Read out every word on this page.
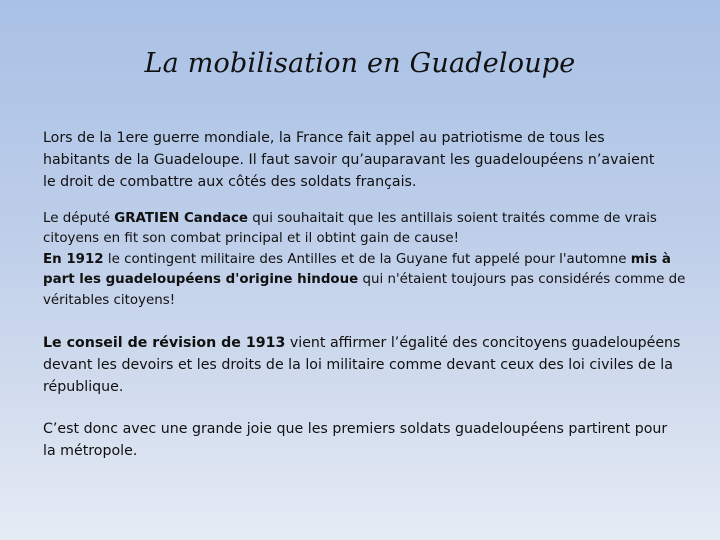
La mobilisation en Guadeloupe
Lors de la 1ere guerre mondiale, la France fait appel au patriotisme de tous les
habitants de la Guadeloupe. Il faut savoir qu’auparavant les guadeloupéens n’avaient
le droit de combattre aux côtés des soldats français.
Le député GRATIEN Candace qui souhaitait que les antillais soient traités comme de vrais
citoyens en fit son combat principal et il obtint gain de cause!
En 1912 le contingent militaire des Antilles et de la Guyane fut appelé pour l'automne mis à
part les guadeloupéens d'origine hindoue qui n'étaient toujours pas considérés comme de
véritables citoyens!
Le conseil de révision de 1913 vient affirmer l’égalité des concitoyens guadeloupéens
devant les devoirs et les droits de la loi militaire comme devant ceux des loi civiles de la
république.
C’est donc avec une grande joie que les premiers soldats guadeloupéens partirent pour
la métropole.
